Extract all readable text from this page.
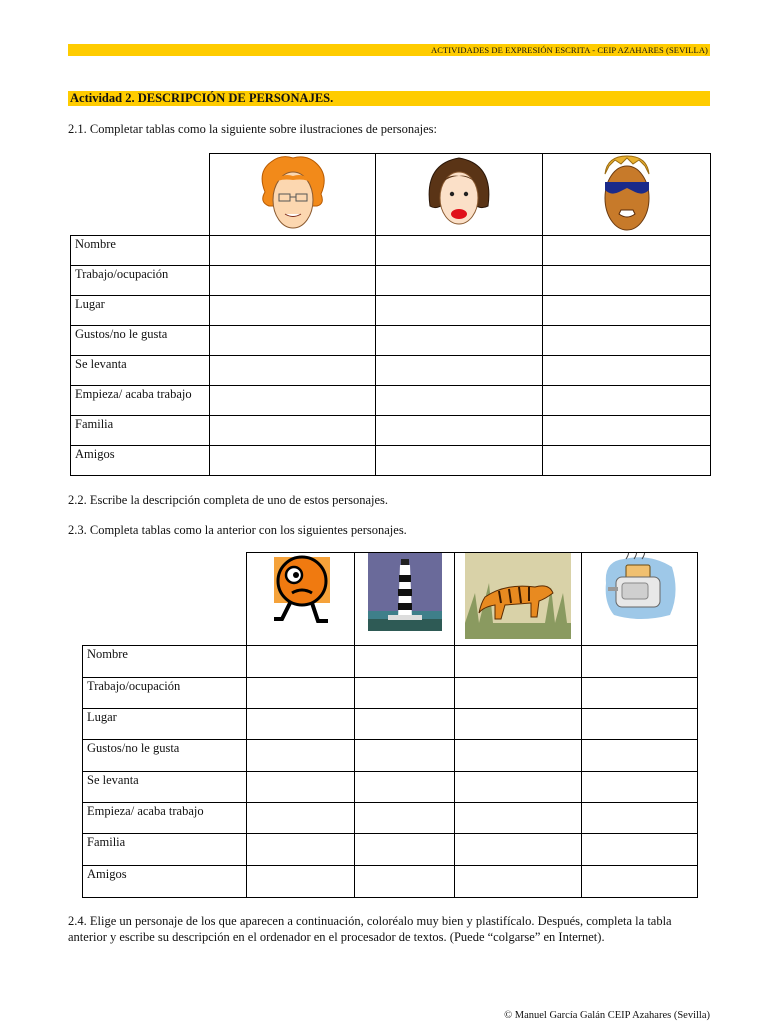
ACTIVIDADES DE EXPRESIÓN ESCRITA - CEIP AZAHARES (SEVILLA)
Actividad 2. DESCRIPCIÓN DE PERSONAJES.
2.1. Completar tablas como la siguiente sobre ilustraciones de personajes:

Nombre			
Trabajo/ocupación			
Lugar			
Gustos/no le gusta			
Se levanta			
Empieza/ acaba trabajo			
Familia			
Amigos			
2.2. Escribe la descripción completa de uno de estos personajes.
2.3. Completa tablas como la anterior con los siguientes personajes.

Nombre				
Trabajo/ocupación				
Lugar				
Gustos/no le gusta				
Se levanta				
Empieza/ acaba trabajo				
Familia				
Amigos				
2.4. Elige un personaje de los que aparecen a continuación, coloréalo muy bien y plastifícalo. Después, completa la tabla
anterior y escribe su descripción en el ordenador en el procesador de textos. (Puede “colgarse” en Internet).
© Manuel García Galán CEIP Azahares (Sevilla)
